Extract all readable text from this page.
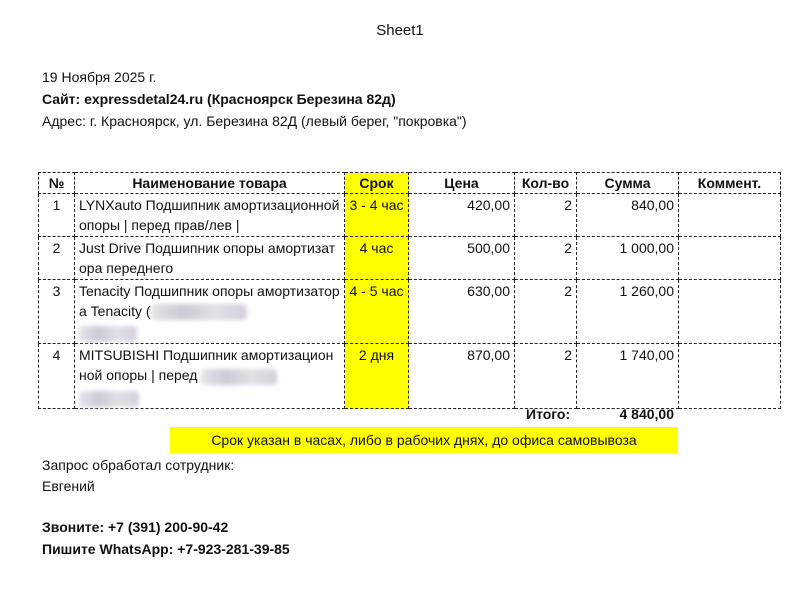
Sheet1
19 Ноября 2025 г.
Сайт: expressdetal24.ru (Красноярск Березина 82д)
Адрес: г. Красноярск, ул. Березина 82Д (левый берег, "покровка")
№	Наименование товара	Срок	Цена	Кол-во	Сумма	Коммент.
1	LYNXauto Подшипник амортизационной опоры | перед прав/лев |	3 - 4 час	420,00	2	840,00	
2	Just Drive Подшипник опоры амортизатора переднего	4 час	500,00	2	1 000,00	
3	Tenacity Подшипник опоры амортизатора Tenacity (	4 - 5 час	630,00	2	1 260,00	
4	MITSUBISHI Подшипник амортизационной опоры | перед	2 дня	870,00	2	1 740,00	
Итого:	4 840,00
Срок указан в часах, либо в рабочих днях, до офиса самовывоза
Запрос обработал сотрудник:
Евгений
Звоните: +7 (391) 200-90-42
Пишите WhatsApp: +7-923-281-39-85
